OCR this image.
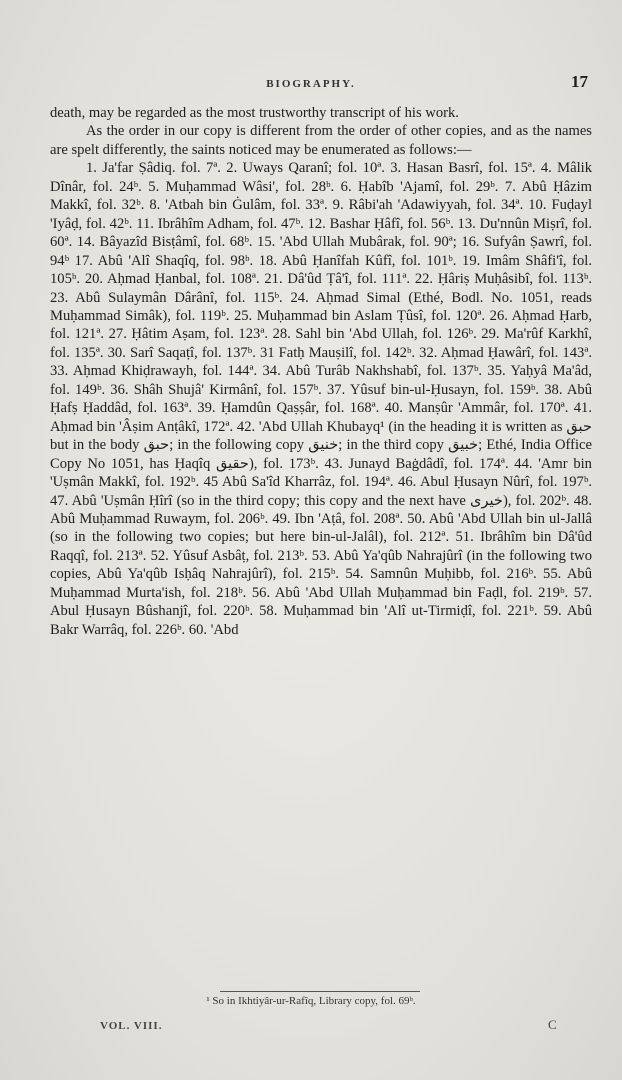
BIOGRAPHY.	17

death, may be regarded as the most trustworthy transcript of his work.

As the order in our copy is different from the order of other copies, and as the names are spelt differently, the saints noticed may be enumerated as follows:—

1. Ja'far Ṣâdiq. fol. 7ª. 2. Uways Qaranî; fol. 10ª. 3. Hasan Basrî, fol. 15ª. 4. Mâlik Dînâr, fol. 24ᵇ. 5. Muḥammad Wâsi', fol. 28ᵇ. 6. Ḥabîb 'Ajamî, fol. 29ᵇ. 7. Abû Ḥâzim Makkî, fol. 32ᵇ. 8. 'Atbah bin Ġulâm, fol. 33ª. 9. Râbi'ah 'Adawiyyah, fol. 34ª. 10. Fuḍayl 'Iyâḍ, fol. 42ᵇ. 11. Ibrâhîm Adham, fol. 47ᵇ. 12. Bashar Ḥâfî, fol. 56ᵇ. 13. Du'nnûn Miṣrî, fol. 60ª. 14. Bâyazîd Bisṭâmî, fol. 68ᵇ. 15. 'Abd Ullah Mubârak, fol. 90ª; 16. Sufyân Ṣawrî, fol. 94ᵇ 17. Abû 'Alî Shaqîq, fol. 98ᵇ. 18. Abû Ḥanîfah Kûfî, fol. 101ᵇ. 19. Imâm Shâfi'î, fol. 105ᵇ. 20. Aḥmad Ḥanbal, fol. 108ª. 21. Dâ'ûd Ṭâ'î, fol. 111ª. 22. Ḥâriṣ Muḥâsibî, fol. 113ᵇ. 23. Abû Sulaymân Dârânî, fol. 115ᵇ. 24. Aḥmad Simal (Ethé, Bodl. No. 1051, reads Muḥammad Simâk), fol. 119ᵇ. 25. Muḥammad bin Aslam Ṭûsî, fol. 120ª. 26. Aḥmad Ḥarb, fol. 121ª. 27. Ḥâtim Aṣam, fol. 123ª. 28. Sahl bin 'Abd Ullah, fol. 126ᵇ. 29. Ma'rûf Karkhî, fol. 135ª. 30. Sarî Saqaṭî, fol. 137ᵇ. 31 Fatḥ Mauṣilî, fol. 142ᵇ. 32. Aḥmad Ḥawârî, fol. 143ª. 33. Aḥmad Khiḍrawayh, fol. 144ª. 34. Abû Turâb Nakhshabî, fol. 137ᵇ. 35. Yaḥyâ Ma'âd, fol. 149ᵇ. 36. Shâh Shujâ' Kirmânî, fol. 157ᵇ. 37. Yûsuf bin-ul-Ḥusayn, fol. 159ᵇ. 38. Abû Ḥafṣ Ḥaddâd, fol. 163ª. 39. Ḥamdûn Qaṣṣâr, fol. 168ª. 40. Manṣûr 'Ammâr, fol. 170ª. 41. Aḥmad bin 'Âṣim Anṭâkî, 172ª. 42. 'Abd Ullah Khubayq¹ (in the heading it is written as حبق but in the body حبق; in the following copy خنيق; in the third copy خبيق; Ethé, India Office Copy No 1051, has Ḥaqîq حقيق), fol. 173ᵇ. 43. Junayd Baġdâdî, fol. 174ª. 44. 'Amr bin 'Uṣmân Makkî, fol. 192ᵇ. 45 Abû Sa'îd Kharrâz, fol. 194ª. 46. Abul Ḥusayn Nûrî, fol. 197ᵇ. 47. Abû 'Uṣmân Ḥîrî (so in the third copy; this copy and the next have خيرى), fol. 202ᵇ. 48. Abû Muḥammad Ruwaym, fol. 206ᵇ. 49. Ibn 'Aṭâ, fol. 208ª. 50. Abû 'Abd Ullah bin ul-Jallâ (so in the following two copies; but here bin-ul-Jalâl), fol. 212ª. 51. Ibrâhîm bin Dâ'ûd Raqqî, fol. 213ª. 52. Yûsuf Asbâṭ, fol. 213ᵇ. 53. Abû Ya'qûb Nahrajûrî (in the following two copies, Abû Ya'qûb Isḥâq Nahrajûrî), fol. 215ᵇ. 54. Samnûn Muḥibb, fol. 216ᵇ. 55. Abû Muḥammad Murta'ish, fol. 218ᵇ. 56. Abû 'Abd Ullah Muḥammad bin Faḍl, fol. 219ᵇ. 57. Abul Ḥusayn Bûshanjî, fol. 220ᵇ. 58. Muḥammad bin 'Alî ut-Tirmiḍî, fol. 221ᵇ. 59. Abû Bakr Warrâq, fol. 226ᵇ. 60. 'Abd

¹ So in Ikhtiyâr-ur-Rafîq, Library copy, fol. 69ᵇ.
VOL. VIII.	C
